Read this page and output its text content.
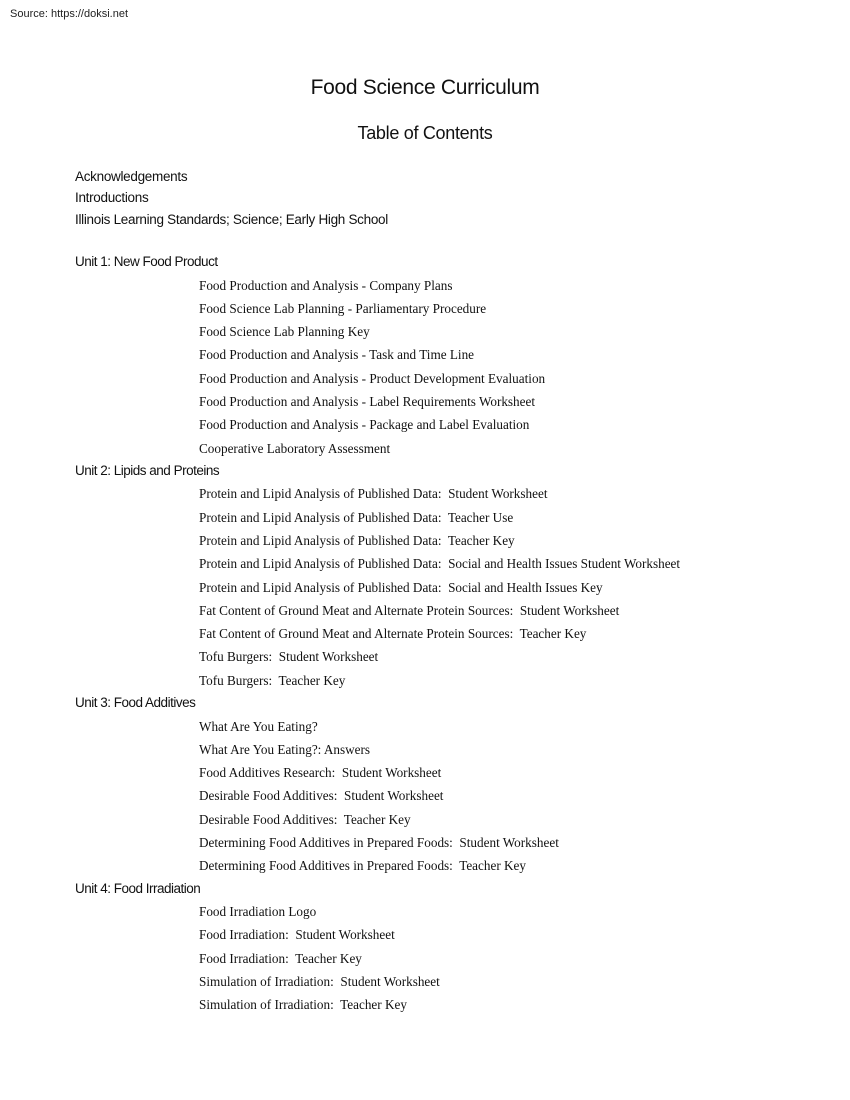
Source: https://doksi.net
Food Science Curriculum
Table of Contents
Acknowledgements
Introductions
Illinois Learning Standards; Science; Early High School
Unit 1: New Food Product
Food Production and Analysis - Company Plans
Food Science Lab Planning - Parliamentary Procedure
Food Science Lab Planning Key
Food Production and Analysis - Task and Time Line
Food Production and Analysis - Product Development Evaluation
Food Production and Analysis - Label Requirements Worksheet
Food Production and Analysis - Package and Label Evaluation
Cooperative Laboratory Assessment
Unit 2: Lipids and Proteins
Protein and Lipid Analysis of Published Data:  Student Worksheet
Protein and Lipid Analysis of Published Data:  Teacher Use
Protein and Lipid Analysis of Published Data:  Teacher Key
Protein and Lipid Analysis of Published Data:  Social and Health Issues Student Worksheet
Protein and Lipid Analysis of Published Data:  Social and Health Issues Key
Fat Content of Ground Meat and Alternate Protein Sources:  Student Worksheet
Fat Content of Ground Meat and Alternate Protein Sources:  Teacher Key
Tofu Burgers:  Student Worksheet
Tofu Burgers:  Teacher Key
Unit 3: Food Additives
What Are You Eating?
What Are You Eating?: Answers
Food Additives Research:  Student Worksheet
Desirable Food Additives:  Student Worksheet
Desirable Food Additives:  Teacher Key
Determining Food Additives in Prepared Foods:  Student Worksheet
Determining Food Additives in Prepared Foods:  Teacher Key
Unit 4: Food Irradiation
Food Irradiation Logo
Food Irradiation:  Student Worksheet
Food Irradiation:  Teacher Key
Simulation of Irradiation:  Student Worksheet
Simulation of Irradiation:  Teacher Key
